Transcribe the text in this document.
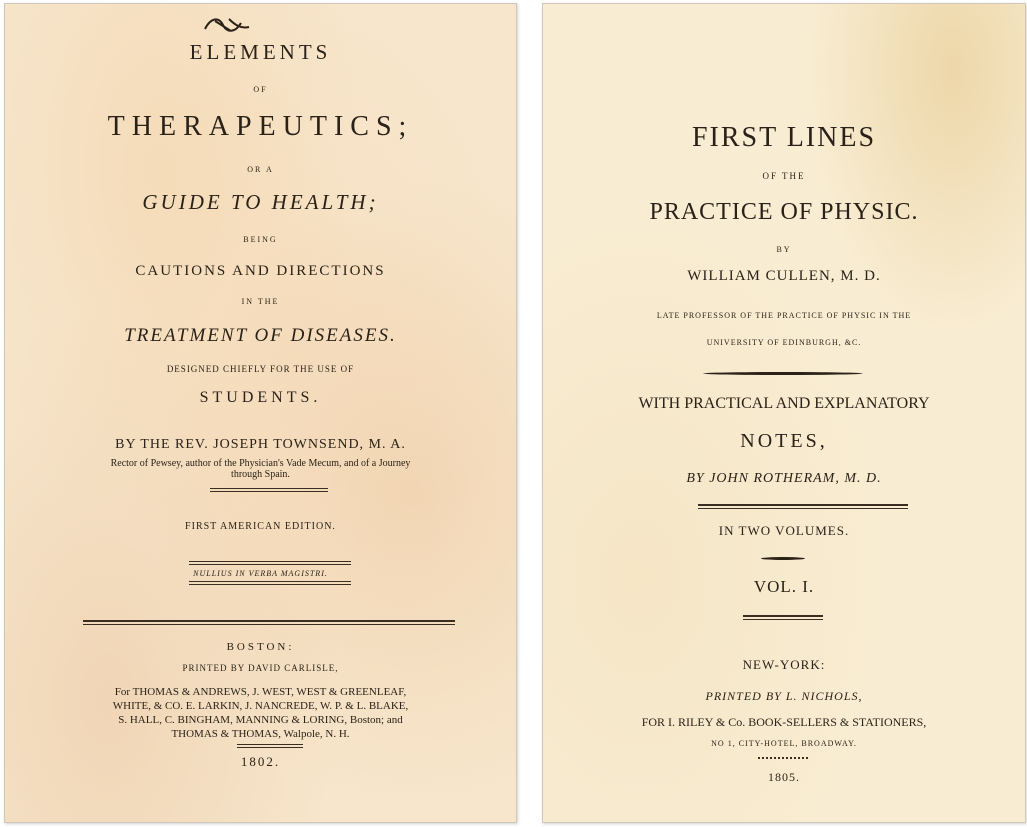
ELEMENTS
OF
THERAPEUTICS;
OR A
GUIDE TO HEALTH;
BEING
CAUTIONS AND DIRECTIONS
IN THE
TREATMENT OF DISEASES.
DESIGNED CHIEFLY FOR THE USE OF
STUDENTS.
BY THE REV. JOSEPH TOWNSEND, M. A.
Rector of Pewsey, author of the Physician's Vade Mecum, and of a Journey
through Spain.
FIRST AMERICAN EDITION.
NULLIUS IN VERBA MAGISTRI.
BOSTON:
PRINTED BY DAVID CARLISLE,
For THOMAS & ANDREWS, J. WEST, WEST & GREENLEAF,
WHITE, & CO. E. LARKIN, J. NANCREDE, W. P. & L. BLAKE,
S. HALL, C. BINGHAM, MANNING & LORING, Boston; and
THOMAS & THOMAS, Walpole, N. H.
1802.
FIRST LINES
OF THE
PRACTICE OF PHYSIC.
BY
WILLIAM CULLEN, M. D.
LATE PROFESSOR OF THE PRACTICE OF PHYSIC IN THE
UNIVERSITY OF EDINBURGH, &C.
WITH PRACTICAL AND EXPLANATORY
NOTES,
BY JOHN ROTHERAM, M. D.
IN TWO VOLUMES.
VOL. I.
NEW-YORK:
PRINTED BY L. NICHOLS,
FOR I. RILEY & Co. BOOK-SELLERS & STATIONERS,
NO 1, CITY-HOTEL, BROADWAY.
1805.
